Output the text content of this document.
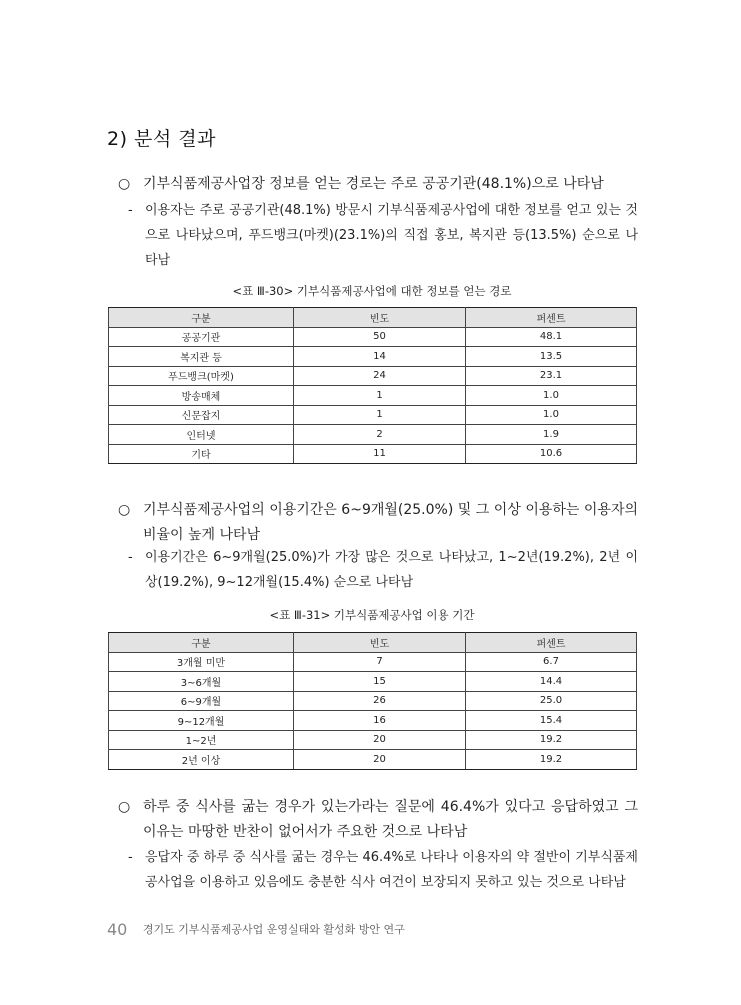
2) 분석 결과
○ 기부식품제공사업장 정보를 얻는 경로는 주로 공공기관(48.1%)으로 나타남
- 이용자는 주로 공공기관(48.1%) 방문시 기부식품제공사업에 대한 정보를 얻고 있는 것으로 나타났으며, 푸드뱅크(마켓)(23.1%)의 직접 홍보, 복지관 등(13.5%) 순으로 나타남
<표 Ⅲ-30> 기부식품제공사업에 대한 정보를 얻는 경로
구분	빈도	퍼센트
공공기관	50	48.1
복지관 등	14	13.5
푸드뱅크(마켓)	24	23.1
방송매체	1	1.0
신문잡지	1	1.0
인터넷	2	1.9
기타	11	10.6
○ 기부식품제공사업의 이용기간은 6~9개월(25.0%) 및 그 이상 이용하는 이용자의 비율이 높게 나타남
- 이용기간은 6~9개월(25.0%)가 가장 많은 것으로 나타났고, 1~2년(19.2%), 2년 이상(19.2%), 9~12개월(15.4%) 순으로 나타남
<표 Ⅲ-31> 기부식품제공사업 이용 기간
구분	빈도	퍼센트
3개월 미만	7	6.7
3~6개월	15	14.4
6~9개월	26	25.0
9~12개월	16	15.4
1~2년	20	19.2
2년 이상	20	19.2
○ 하루 중 식사를 굶는 경우가 있는가라는 질문에 46.4%가 있다고 응답하였고 그 이유는 마땅한 반찬이 없어서가 주요한 것으로 나타남
- 응답자 중 하루 중 식사를 굶는 경우는 46.4%로 나타나 이용자의 약 절반이 기부식품제공사업을 이용하고 있음에도 충분한 식사 여건이 보장되지 못하고 있는 것으로 나타남
40 경기도 기부식품제공사업 운영실태와 활성화 방안 연구
